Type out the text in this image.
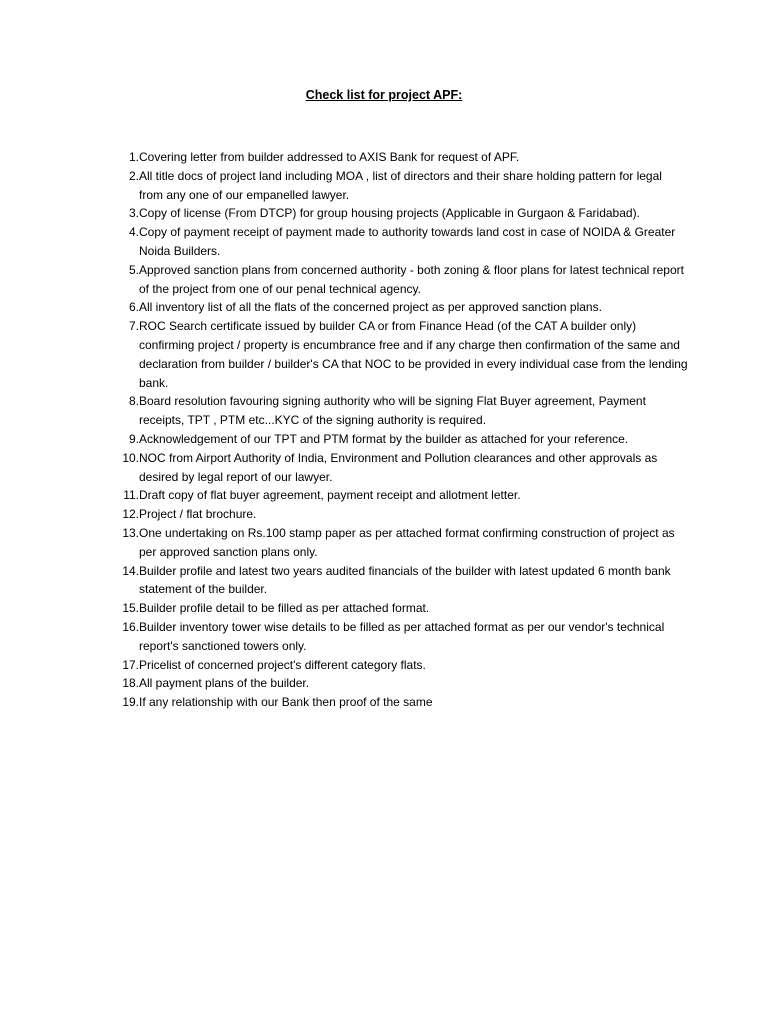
Check list for project APF:
1. Covering letter from builder addressed to AXIS Bank for request of APF.
2. All title docs of project land including MOA , list of directors and their share holding pattern for legal from any one of our empanelled lawyer.
3. Copy of license (From DTCP) for group housing projects (Applicable in Gurgaon & Faridabad).
4. Copy of payment receipt of payment made to authority towards land cost in case of NOIDA & Greater Noida Builders.
5. Approved sanction plans from concerned authority - both zoning & floor plans for latest technical report of the project from one of our penal technical agency.
6. All inventory list of all the flats of the concerned project as per approved sanction plans.
7. ROC Search certificate issued by builder CA or from Finance Head (of the CAT A builder only) confirming project / property is encumbrance free and if any charge then confirmation of the same and declaration from builder / builder's CA that NOC to be provided in every individual case from the lending bank.
8. Board resolution favouring signing authority who will be signing Flat Buyer agreement, Payment receipts, TPT , PTM etc...KYC of the signing authority is required.
9. Acknowledgement of our TPT and PTM format by the builder as attached for your reference.
10. NOC from Airport Authority of India, Environment and Pollution clearances and other approvals as desired by legal report of our lawyer.
11. Draft copy of flat buyer agreement, payment receipt and allotment letter.
12. Project / flat brochure.
13. One undertaking on Rs.100 stamp paper as per attached format confirming construction of project as per approved sanction plans only.
14. Builder profile and latest two years audited financials of the builder with latest updated 6 month bank statement of the builder.
15. Builder profile detail to be filled as per attached format.
16. Builder inventory tower wise details to be filled as per attached format as per our vendor's technical report's sanctioned towers only.
17. Pricelist of concerned project's different category flats.
18. All payment plans of the builder.
19. If any relationship with our Bank then proof of the same
